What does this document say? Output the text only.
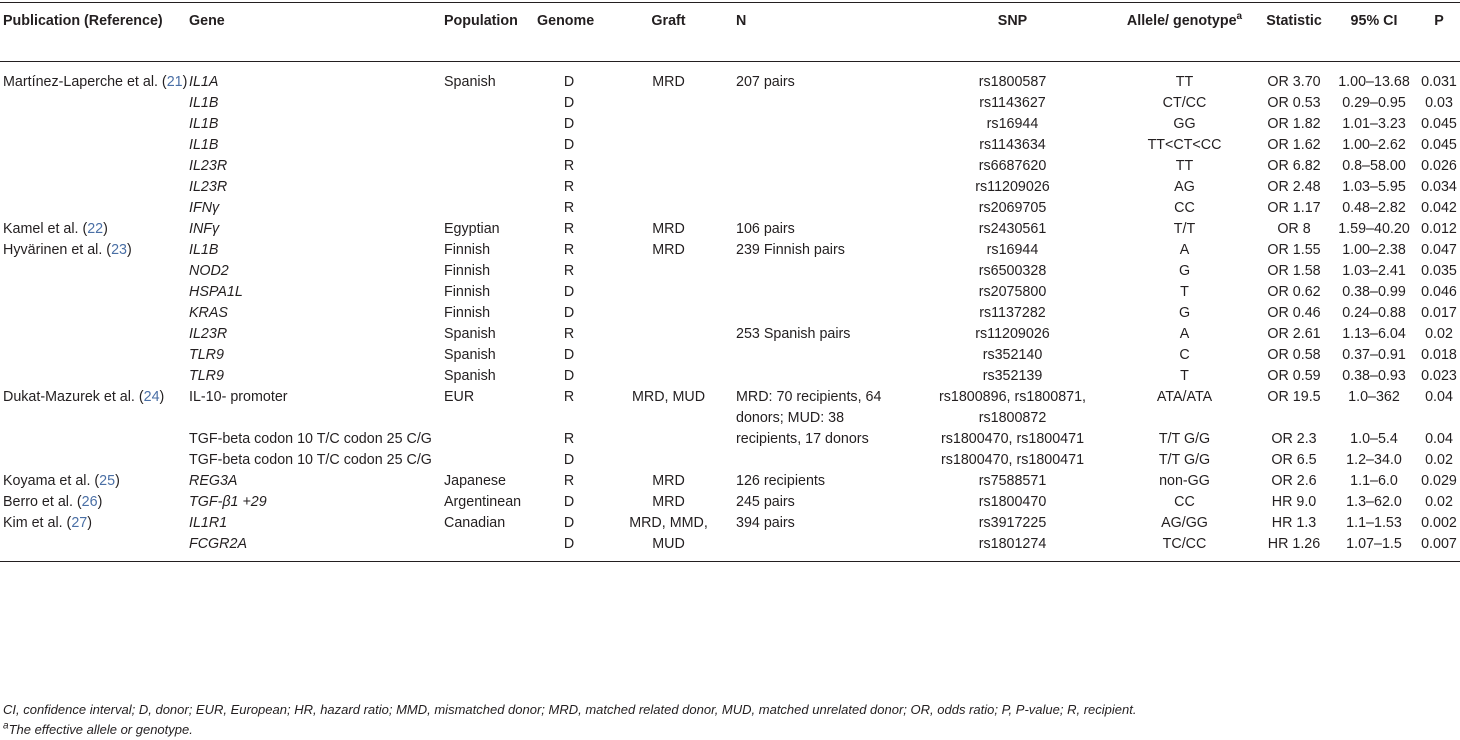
Publication (Reference)	Gene	Population	Genome	Graft	N	SNP	Allele/ genotype$^a$	Statistic	95% CI	P
Martínez-Laperche et al. (21)	IL1A	Spanish	D	MRD	207 pairs	rs1800587	TT	OR 3.70	1.00–13.68	0.031
	IL1B		D			rs1143627	CT/CC	OR 0.53	0.29–0.95	0.03
	IL1B		D			rs16944	GG	OR 1.82	1.01–3.23	0.045
	IL1B		D			rs1143634	TT<CT<CC	OR 1.62	1.00–2.62	0.045
	IL23R		R			rs6687620	TT	OR 6.82	0.8–58.00	0.026
	IL23R		R			rs11209026	AG	OR 2.48	1.03–5.95	0.034
	IFNγ		R			rs2069705	CC	OR 1.17	0.48–2.82	0.042
Kamel et al. (22)	INFγ	Egyptian	R	MRD	106 pairs	rs2430561	T/T	OR 8	1.59–40.20	0.012
Hyvärinen et al. (23)	IL1B	Finnish	R	MRD	239 Finnish pairs	rs16944	A	OR 1.55	1.00–2.38	0.047
	NOD2	Finnish	R			rs6500328	G	OR 1.58	1.03–2.41	0.035
	HSPA1L	Finnish	D			rs2075800	T	OR 0.62	0.38–0.99	0.046
	KRAS	Finnish	D			rs1137282	G	OR 0.46	0.24–0.88	0.017
	IL23R	Spanish	R		253 Spanish pairs	rs11209026	A	OR 2.61	1.13–6.04	0.02
	TLR9	Spanish	D			rs352140	C	OR 0.58	0.37–0.91	0.018
	TLR9	Spanish	D			rs352139	T	OR 0.59	0.38–0.93	0.023
Dukat-Mazurek et al. (24)	IL-10- promoter	EUR	R	MRD, MUD	MRD: 70 recipients, 64 donors; MUD: 38	rs1800896, rs1800871, rs1800872	ATA/ATA	OR 19.5	1.0–362	0.04
	TGF-beta codon 10 T/C codon 25 C/G		R		recipients, 17 donors	rs1800470, rs1800471	T/T G/G	OR 2.3	1.0–5.4	0.04
	TGF-beta codon 10 T/C codon 25 C/G		D			rs1800470, rs1800471	T/T G/G	OR 6.5	1.2–34.0	0.02
Koyama et al. (25)	REG3A	Japanese	R	MRD	126 recipients	rs7588571	non-GG	OR 2.6	1.1–6.0	0.029
Berro et al. (26)	TGF-β1 +29	Argentinean	D	MRD	245 pairs	rs1800470	CC	HR 9.0	1.3–62.0	0.02
Kim et al. (27)	IL1R1	Canadian	D	MRD, MMD,	394 pairs	rs3917225	AG/GG	HR 1.3	1.1–1.53	0.002
	FCGR2A		D	MUD		rs1801274	TC/CC	HR 1.26	1.07–1.5	0.007
CI, confidence interval; D, donor; EUR, European; HR, hazard ratio; MMD, mismatched donor; MRD, matched related donor, MUD, matched unrelated donor; OR, odds ratio; P, P-value; R, recipient.
$^a$The effective allele or genotype.
